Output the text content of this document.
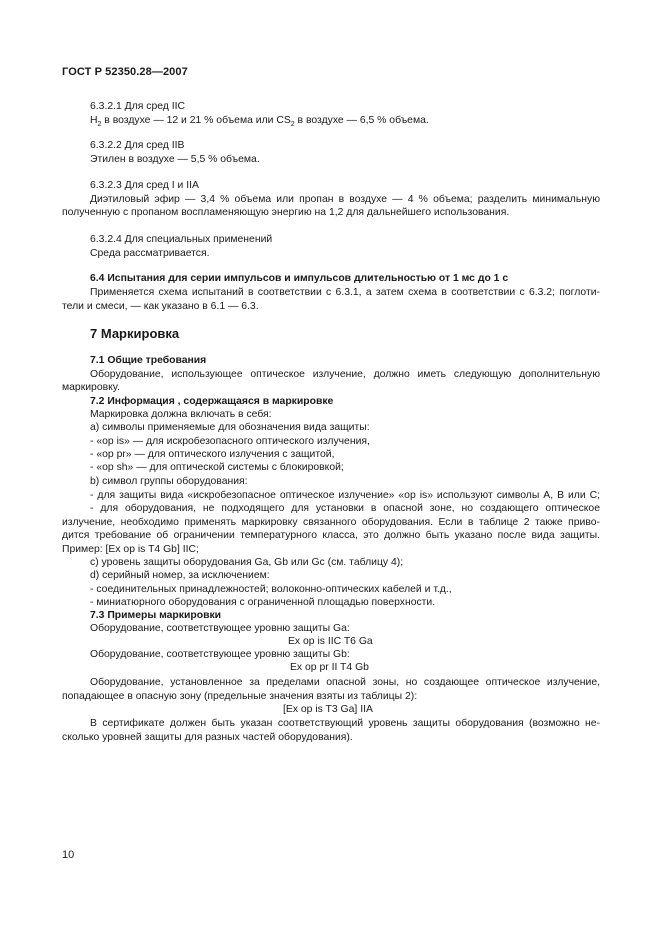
ГОСТ Р 52350.28—2007
6.3.2.1 Для сред IIC
$H_2$ в воздухе — 12 и 21 % объема или $CS_2$ в воздухе — 6,5 % объема.
6.3.2.2 Для сред IIB
Этилен в воздухе — 5,5 % объема.
6.3.2.3 Для сред I и IIA
Диэтиловый эфир — 3,4 % объема или пропан в воздухе — 4 % объема; разделить минимальную
полученную с пропаном воспламеняющую энергию на 1,2 для дальнейшего использования.
6.3.2.4 Для специальных применений
Среда рассматривается.
6.4 Испытания для серии импульсов и импульсов длительностью от 1 мс до 1 с
Применяется схема испытаний в соответствии с 6.3.1, а затем схема в соответствии с 6.3.2; поглоти-
тели и смеси, — как указано в 6.1 — 6.3.
7 Маркировка
7.1 Общие требования
Оборудование, использующее оптическое излучение, должно иметь следующую дополнительную
маркировку.
7.2 Информация , содержащаяся в маркировке
Маркировка должна включать в себя:
а) символы применяемые для обозначения вида защиты:
- «op is» — для искробезопасного оптического излучения,
- «op pr» — для оптического излучения с защитой,
- «op sh» — для оптической системы с блокировкой;
b) символ группы оборудования:
- для защиты вида «искробезопасное оптическое излучение» «op is» используют символы А, В или С;
- для оборудования, не подходящего для установки в опасной зоне, но создающего оптическое
излучение, необходимо применять маркировку связанного оборудования. Если в таблице 2 также приво-
дится требование об ограничении температурного класса, это должно быть указано после вида защиты.
Пример: [Ex op is T4 Gb] IIC;
с) уровень защиты оборудования Ga, Gb или Gc (см. таблицу 4);
d) серийный номер, за исключением:
- соединительных принадлежностей; волоконно-оптических кабелей и т.д.,
- миниатюрного оборудования с ограниченной площадью поверхности.
7.3 Примеры маркировки
Оборудование, соответствующее уровню защиты Ga:
Ex op is IIC T6 Ga
Оборудование, соответствующее уровню защиты Gb:
Ex op pr II T4 Gb
Оборудование, установленное за пределами опасной зоны, но создающее оптическое излучение,
попадающее в опасную зону (предельные значения взяты из таблицы 2):
[Ex op is T3 Ga] IIA
В сертификате должен быть указан соответствующий уровень защиты оборудования (возможно не-
сколько уровней защиты для разных частей оборудования).
10
